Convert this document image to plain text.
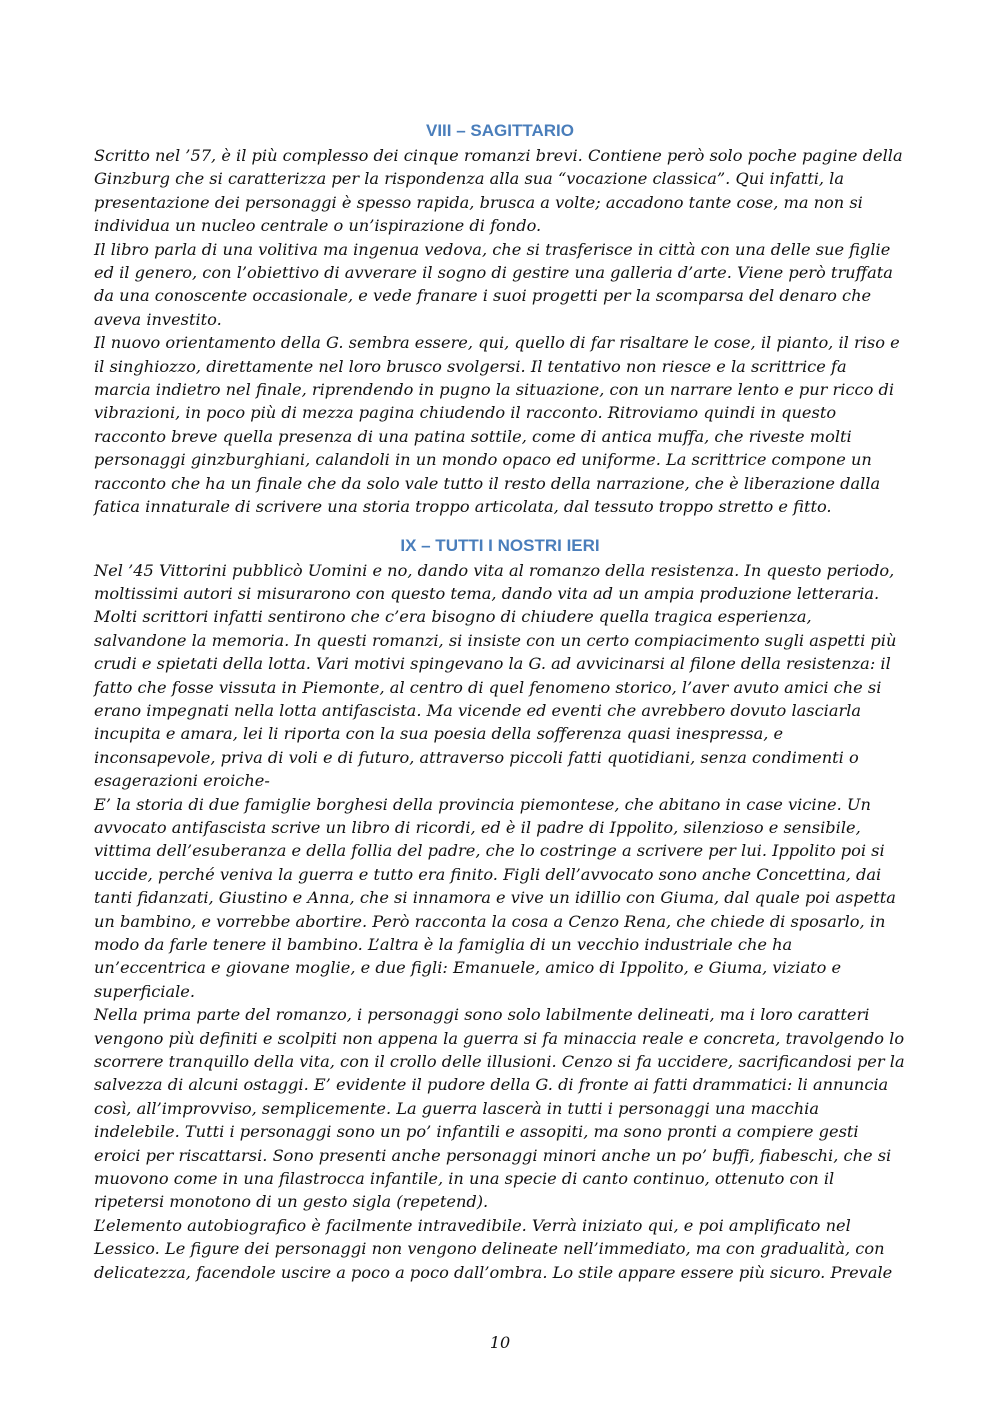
VIII – SAGITTARIO

Scritto nel ’57, è il più complesso dei cinque romanzi brevi. Contiene però solo poche pagine della Ginzburg che si caratterizza per la rispondenza alla sua “vocazione classica”. Qui infatti, la presentazione dei personaggi è spesso rapida, brusca a volte; accadono tante cose, ma non si individua un nucleo centrale o un’ispirazione di fondo.

Il libro parla di una volitiva ma ingenua vedova, che si trasferisce in città con una delle sue figlie ed il genero, con l’obiettivo di avverare il sogno di gestire una galleria d’arte. Viene però truffata da una conoscente occasionale, e vede franare i suoi progetti per la scomparsa del denaro che aveva investito.

Il nuovo orientamento della G. sembra essere, qui, quello di far risaltare le cose, il pianto, il riso e il singhiozzo, direttamente nel loro brusco svolgersi. Il tentativo non riesce e la scrittrice fa marcia indietro nel finale, riprendendo in pugno la situazione, con un narrare lento e pur ricco di vibrazioni, in poco più di mezza pagina chiudendo il racconto. Ritroviamo quindi in questo racconto breve quella presenza di una patina sottile, come di antica muffa, che riveste molti personaggi ginzburghiani, calandoli in un mondo opaco ed uniforme. La scrittrice compone un racconto che ha un finale che da solo vale tutto il resto della narrazione, che è liberazione dalla fatica innaturale di scrivere una storia troppo articolata, dal tessuto troppo stretto e fitto.

IX – TUTTI I NOSTRI IERI

Nel ’45 Vittorini pubblicò Uomini e no, dando vita al romanzo della resistenza. In questo periodo, moltissimi autori si misurarono con questo tema, dando vita ad un ampia produzione letteraria. Molti scrittori infatti sentirono che c’era bisogno di chiudere quella tragica esperienza, salvandone la memoria. In questi romanzi, si insiste con un certo compiacimento sugli aspetti più crudi e spietati della lotta. Vari motivi spingevano la G. ad avvicinarsi al filone della resistenza: il fatto che fosse vissuta in Piemonte, al centro di quel fenomeno storico, l’aver avuto amici che si erano impegnati nella lotta antifascista. Ma vicende ed eventi che avrebbero dovuto lasciarla incupita e amara, lei li riporta con la sua poesia della sofferenza quasi inespressa, e inconsapevole, priva di voli e di futuro, attraverso piccoli fatti quotidiani, senza condimenti o esagerazioni eroiche-

E’ la storia di due famiglie borghesi della provincia piemontese, che abitano in case vicine. Un avvocato antifascista scrive un libro di ricordi, ed è il padre di Ippolito, silenzioso e sensibile, vittima dell’esuberanza e della follia del padre, che lo costringe a scrivere per lui. Ippolito poi si uccide, perché veniva la guerra e tutto era finito. Figli dell’avvocato sono anche Concettina, dai tanti fidanzati, Giustino e Anna, che si innamora e vive un idillio con Giuma, dal quale poi aspetta un bambino, e vorrebbe abortire. Però racconta la cosa a Cenzo Rena, che chiede di sposarlo, in modo da farle tenere il bambino. L’altra è la famiglia di un vecchio industriale che ha un’eccentrica e giovane moglie, e due figli: Emanuele, amico di Ippolito, e Giuma, viziato e superficiale.

Nella prima parte del romanzo, i personaggi sono solo labilmente delineati, ma i loro caratteri vengono più definiti e scolpiti non appena la guerra si fa minaccia reale e concreta, travolgendo lo scorrere tranquillo della vita, con il crollo delle illusioni. Cenzo si fa uccidere, sacrificandosi per la salvezza di alcuni ostaggi. E’ evidente il pudore della G. di fronte ai fatti drammatici: li annuncia così, all’improvviso, semplicemente. La guerra lascerà in tutti i personaggi una macchia indelebile. Tutti i personaggi sono un po’ infantili e assopiti, ma sono pronti a compiere gesti eroici per riscattarsi. Sono presenti anche personaggi minori anche un po’ buffi, fiabeschi, che si muovono come in una filastrocca infantile, in una specie di canto continuo, ottenuto con il ripetersi monotono di un gesto sigla (repetend).

L’elemento autobiografico è facilmente intravedibile. Verrà iniziato qui, e poi amplificato nel Lessico. Le figure dei personaggi non vengono delineate nell’immediato, ma con gradualità, con delicatezza, facendole uscire a poco a poco dall’ombra. Lo stile appare essere più sicuro. Prevale

10
